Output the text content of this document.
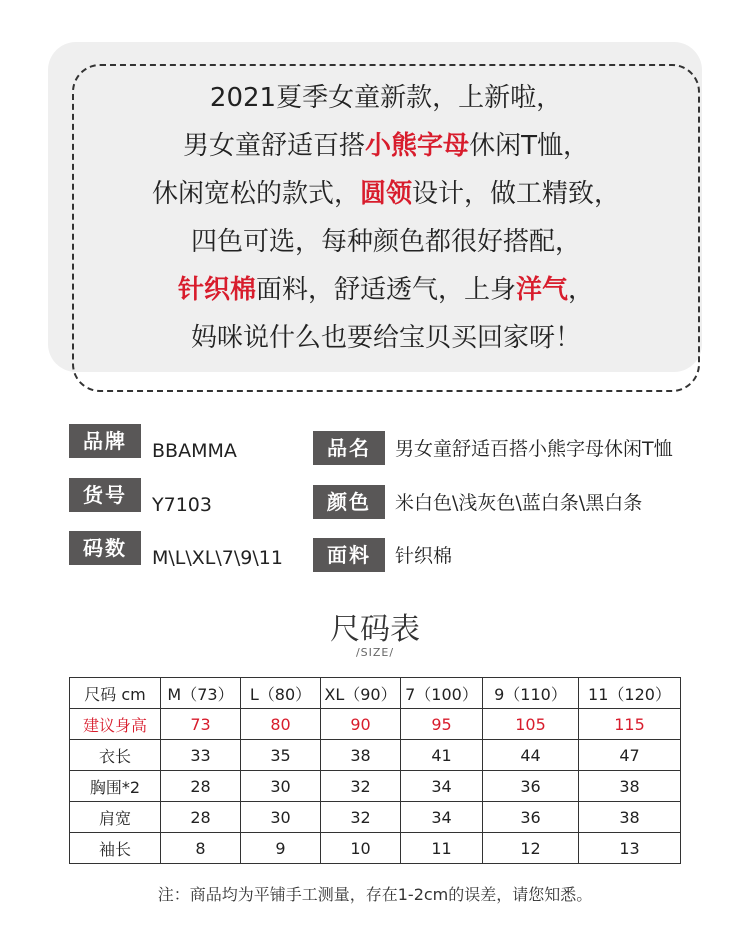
2021夏季女童新款，上新啦，
男女童舒适百搭小熊字母休闲T恤，
休闲宽松的款式，圆领设计，做工精致，
四色可选，每种颜色都很好搭配，
针织棉面料，舒适透气，上身洋气，
妈咪说什么也要给宝贝买回家呀！
品牌	BBAMMA	品名	男女童舒适百搭小熊字母休闲T恤
货号	Y7103	颜色	米白色\浅灰色\蓝白条\黑白条
码数	M\L\XL\7\9\11	面料	针织棉
尺码表
/SIZE/
尺码 cm	M（73）	L（80）	XL（90）	7（100）	9（110）	11（120）
建议身高	73	80	90	95	105	115
衣长	33	35	38	41	44	47
胸围*2	28	30	32	34	36	38
肩宽	28	30	32	34	36	38
袖长	8	9	10	11	12	13
注：商品均为平铺手工测量，存在1-2cm的误差，请您知悉。
